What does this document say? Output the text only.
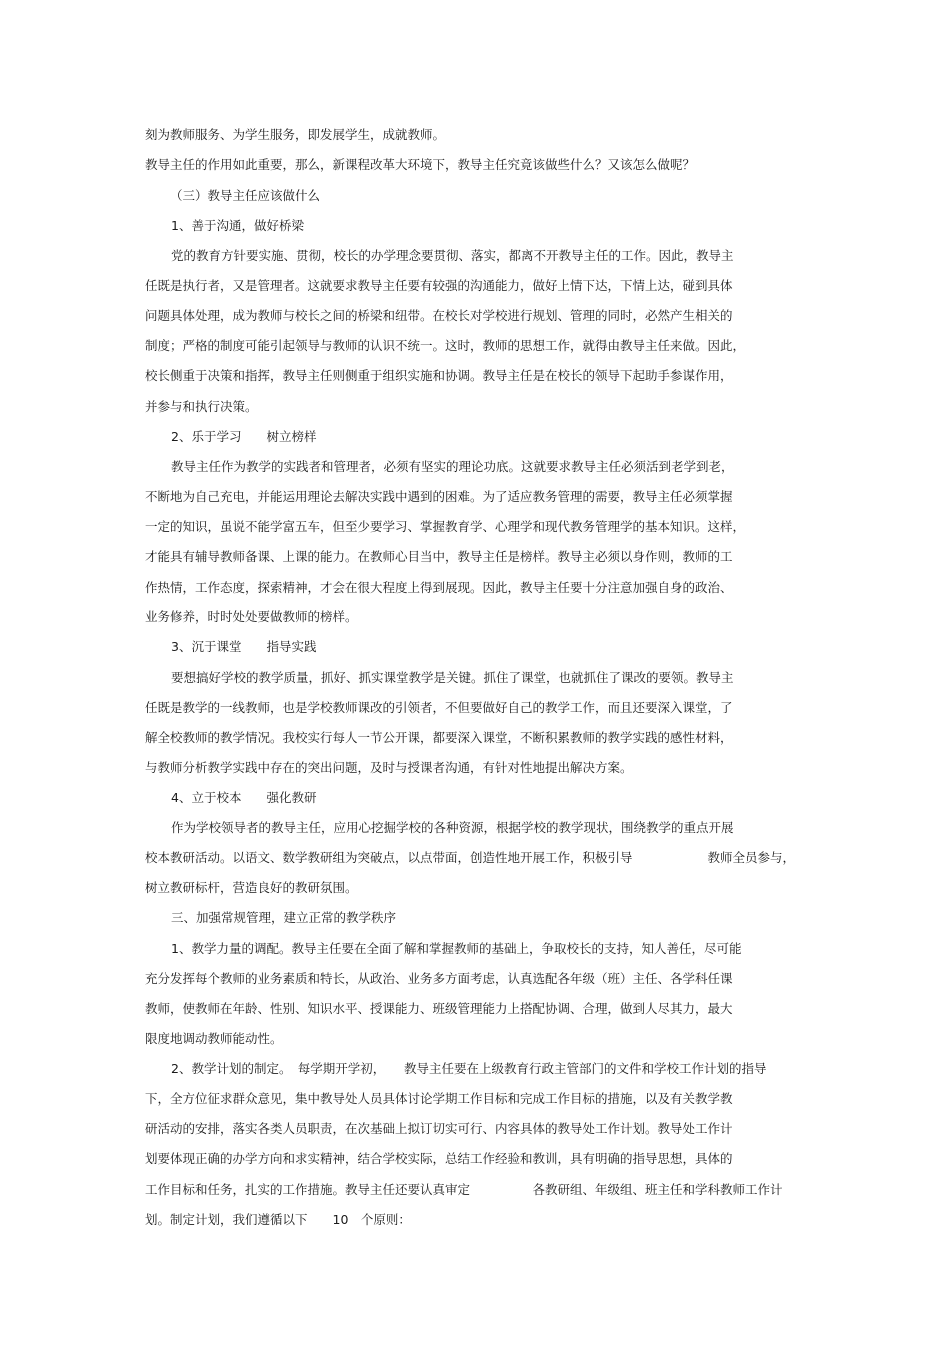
刻为教师服务、为学生服务，即发展学生，成就教师。
教导主任的作用如此重要，那么，新课程改革大环境下，教导主任究竟该做些什么？又该怎么做呢？
（三）教导主任应该做什么
1、善于沟通，做好桥梁
党的教育方针要实施、贯彻，校长的办学理念要贯彻、落实，都离不开教导主任的工作。因此，教导主
任既是执行者，又是管理者。这就要求教导主任要有较强的沟通能力，做好上情下达，下情上达，碰到具体
问题具体处理，成为教师与校长之间的桥梁和纽带。在校长对学校进行规划、管理的同时，必然产生相关的
制度；严格的制度可能引起领导与教师的认识不统一。这时，教师的思想工作，就得由教导主任来做。因此，
校长侧重于决策和指挥，教导主任则侧重于组织实施和协调。教导主任是在校长的领导下起助手参谋作用，
并参与和执行决策。
2、乐于学习　　树立榜样
教导主任作为教学的实践者和管理者，必须有坚实的理论功底。这就要求教导主任必须活到老学到老，
不断地为自己充电，并能运用理论去解决实践中遇到的困难。为了适应教务管理的需要，教导主任必须掌握
一定的知识，虽说不能学富五车，但至少要学习、掌握教育学、心理学和现代教务管理学的基本知识。这样，
才能具有辅导教师备课、上课的能力。在教师心目当中，教导主任是榜样。教导主必须以身作则，教师的工
作热情，工作态度，探索精神，才会在很大程度上得到展现。因此，教导主任要十分注意加强自身的政治、
业务修养，时时处处要做教师的榜样。
3、沉于课堂　　指导实践
要想搞好学校的教学质量，抓好、抓实课堂教学是关键。抓住了课堂，也就抓住了课改的要领。教导主
任既是教学的一线教师，也是学校教师课改的引领者，不但要做好自己的教学工作，而且还要深入课堂，了
解全校教师的教学情况。我校实行每人一节公开课，都要深入课堂，不断积累教师的教学实践的感性材料，
与教师分析教学实践中存在的突出问题，及时与授课者沟通，有针对性地提出解决方案。
4、立于校本　　强化教研
作为学校领导者的教导主任，应用心挖掘学校的各种资源，根据学校的教学现状，围绕教学的重点开展
校本教研活动。以语文、数学教研组为突破点，以点带面，创造性地开展工作，积极引导　　　　　　教师全员参与，
树立教研标杆，营造良好的教研氛围。
三、加强常规管理，建立正常的教学秩序
1、教学力量的调配。教导主任要在全面了解和掌握教师的基础上，争取校长的支持，知人善任，尽可能
充分发挥每个教师的业务素质和特长，从政治、业务多方面考虑，认真选配各年级（班）主任、各学科任课
教师，使教师在年龄、性别、知识水平、授课能力、班级管理能力上搭配协调、合理，做到人尽其力，最大
限度地调动教师能动性。
2、教学计划的制定。　每学期开学初，　　教导主任要在上级教育行政主管部门的文件和学校工作计划的指导
下，全方位征求群众意见，集中教导处人员具体讨论学期工作目标和完成工作目标的措施，以及有关教学教
研活动的安排，落实各类人员职责，在次基础上拟订切实可行、内容具体的教导处工作计划。教导处工作计
划要体现正确的办学方向和求实精神，结合学校实际，总结工作经验和教训，具有明确的指导思想，具体的
工作目标和任务，扎实的工作措施。教导主任还要认真审定　　　　　各教研组、年级组、班主任和学科教师工作计
划。制定计划，我们遵循以下　　10　个原则：
